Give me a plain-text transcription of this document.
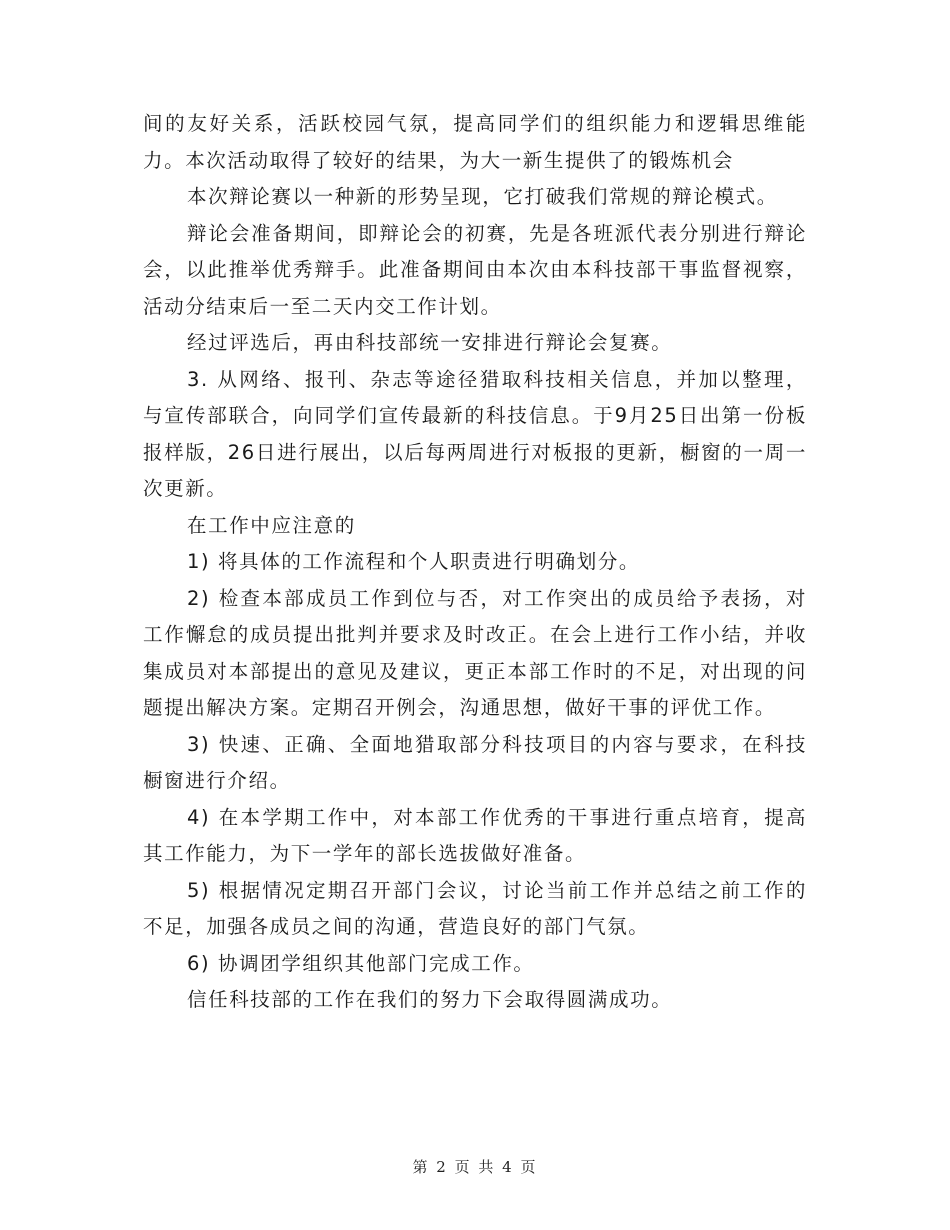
间的友好关系，活跃校园气氛，提高同学们的组织能力和逻辑思维能力。本次活动取得了较好的结果，为大一新生提供了的锻炼机会

本次辩论赛以一种新的形势呈现，它打破我们常规的辩论模式。

辩论会准备期间，即辩论会的初赛，先是各班派代表分别进行辩论会，以此推举优秀辩手。此准备期间由本次由本科技部干事监督视察，活动分结束后一至二天内交工作计划。

经过评选后，再由科技部统一安排进行辩论会复赛。

3. 从网络、报刊、杂志等途径猎取科技相关信息，并加以整理，与宣传部联合，向同学们宣传最新的科技信息。于9月25日出第一份板报样版，26日进行展出，以后每两周进行对板报的更新，橱窗的一周一次更新。

在工作中应注意的

1) 将具体的工作流程和个人职责进行明确划分。

2) 检查本部成员工作到位与否，对工作突出的成员给予表扬，对工作懈怠的成员提出批判并要求及时改正。在会上进行工作小结，并收集成员对本部提出的意见及建议，更正本部工作时的不足，对出现的问题提出解决方案。定期召开例会，沟通思想，做好干事的评优工作。

3) 快速、正确、全面地猎取部分科技项目的内容与要求，在科技橱窗进行介绍。

4) 在本学期工作中，对本部工作优秀的干事进行重点培育，提高其工作能力，为下一学年的部长选拔做好准备。

5) 根据情况定期召开部门会议，讨论当前工作并总结之前工作的不足，加强各成员之间的沟通，营造良好的部门气氛。

6) 协调团学组织其他部门完成工作。

信任科技部的工作在我们的努力下会取得圆满成功。

第 2 页 共 4 页
